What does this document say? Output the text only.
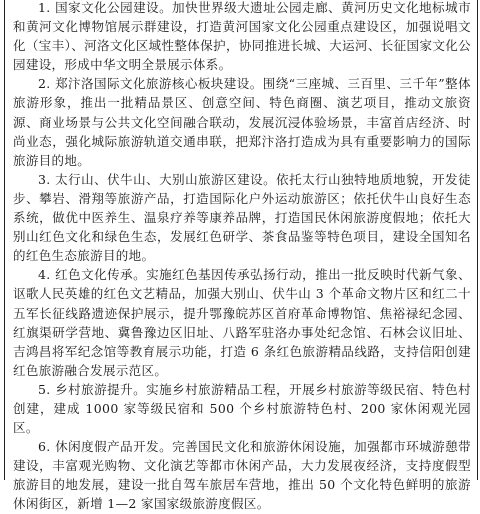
1. 国家文化公园建设。加快世界级大遗址公园走廊、黄河历史文化地标城市和黄河文化博物馆展示群建设，打造黄河国家文化公园重点建设区，加强说唱文化（宝丰）、河洛文化区域性整体保护，协同推进长城、大运河、长征国家文化公园建设，形成中华文明全景展示体系。

2. 郑汴洛国际文化旅游核心板块建设。围绕“三座城、三百里、三千年”整体旅游形象，推出一批精品景区、创意空间、特色商圈、演艺项目，推动文旅资源、商业场景与公共文化空间融合联动，发展沉浸体验场景，丰富首店经济、时尚业态，强化城际旅游轨道交通串联，把郑汴洛打造成为具有重要影响力的国际旅游目的地。

3. 太行山、伏牛山、大别山旅游区建设。依托太行山独特地质地貌，开发徒步、攀岩、滑翔等旅游产品，打造国际化户外运动旅游区；依托伏牛山良好生态系统，做优中医养生、温泉疗养等康养品牌，打造国民休闲旅游度假地；依托大别山红色文化和绿色生态，发展红色研学、茶食品鉴等特色项目，建设全国知名的红色生态旅游目的地。

4. 红色文化传承。实施红色基因传承弘扬行动，推出一批反映时代新气象、讴歌人民英雄的红色文艺精品，加强大别山、伏牛山 3 个革命文物片区和红二十五军长征线路遗迹保护展示，提升鄂豫皖苏区首府革命博物馆、焦裕禄纪念园、红旗渠研学营地、冀鲁豫边区旧址、八路军驻洛办事处纪念馆、石林会议旧址、吉鸿昌将军纪念馆等教育展示功能，打造 6 条红色旅游精品线路，支持信阳创建红色旅游融合发展示范区。

5. 乡村旅游提升。实施乡村旅游精品工程，开展乡村旅游等级民宿、特色村创建，建成 1000 家等级民宿和 500 个乡村旅游特色村、200 家休闲观光园区。

6. 休闲度假产品开发。完善国民文化和旅游休闲设施，加强都市环城游憩带建设，丰富观光购物、文化演艺等都市休闲产品，大力发展夜经济，支持度假型旅游目的地发展，建设一批自驾车旅居车营地，推出 50 个文化特色鲜明的旅游休闲街区，新增 1—2 家国家级旅游度假区。
